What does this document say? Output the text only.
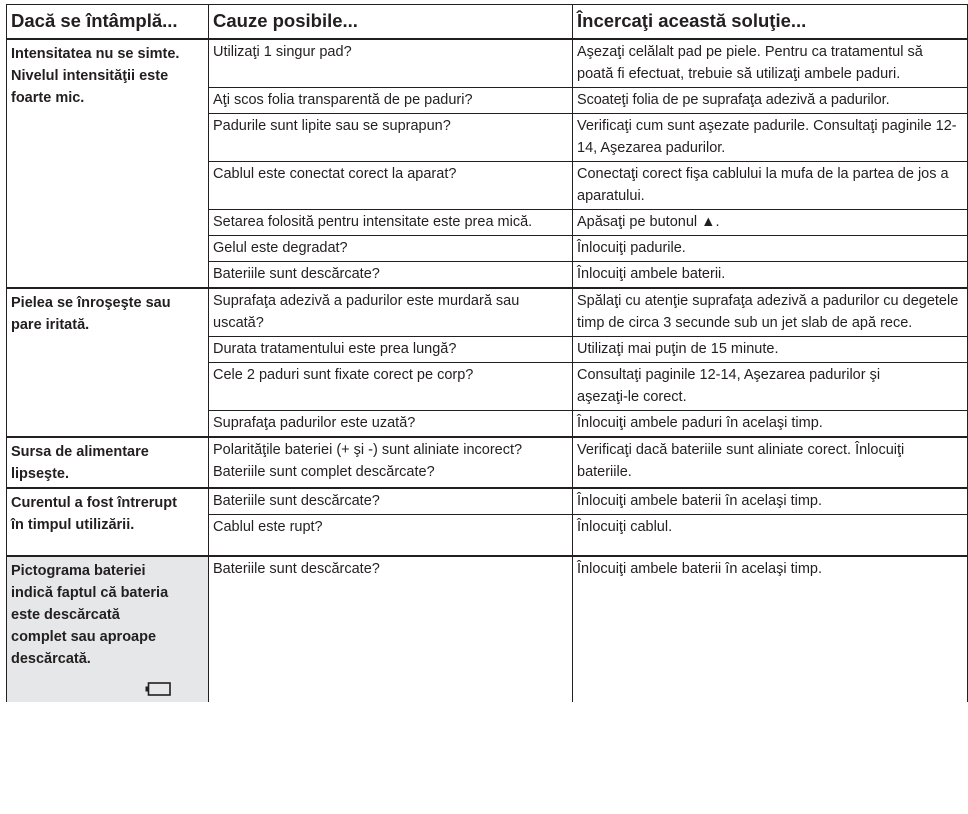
Dacă se întâmplă...	Cauze posibile...	Încercaţi această soluţie...
Intensitatea nu se simte. Nivelul intensităţii este foarte mic.	Utilizaţi 1 singur pad?	Aşezaţi celălalt pad pe piele. Pentru ca tratamentul să poată fi efectuat, trebuie să utilizaţi ambele paduri.
	Aţi scos folia transparentă de pe paduri?	Scoateţi folia de pe suprafaţa adezivă a padurilor.
	Padurile sunt lipite sau se suprapun?	Verificaţi cum sunt aşezate padurile. Consultaţi paginile 12-14, Aşezarea padurilor.
	Cablul este conectat corect la aparat?	Conectaţi corect fişa cablului la mufa de la partea de jos a aparatului.
	Setarea folosită pentru intensitate este prea mică.	Apăsaţi pe butonul ▲.
	Gelul este degradat?	Înlocuiţi padurile.
	Bateriile sunt descărcate?	Înlocuiţi ambele baterii.
Pielea se înroşeşte sau pare iritată.	Suprafaţa adezivă a padurilor este murdară sau uscată?	Spălaţi cu atenţie suprafaţa adezivă a padurilor cu degetele timp de circa 3 secunde sub un jet slab de apă rece.
	Durata tratamentului este prea lungă?	Utilizaţi mai puţin de 15 minute.
	Cele 2 paduri sunt fixate corect pe corp?	Consultaţi paginile 12-14, Aşezarea padurilor şi aşezaţi-le corect.
	Suprafaţa padurilor este uzată?	Înlocuiţi ambele paduri în acelaşi timp.
Sursa de alimentare lipseşte.	Polarităţile bateriei (+ şi -) sunt aliniate incorect? Bateriile sunt complet descărcate?	Verificaţi dacă bateriile sunt aliniate corect. Înlocuiţi bateriile.
Curentul a fost întrerupt în timpul utilizării.	Bateriile sunt descărcate?	Înlocuiţi ambele baterii în acelaşi timp.
	Cablul este rupt?	Înlocuiţi cablul.
Pictograma bateriei indică faptul că bateria este descărcată complet sau aproape descărcată.	Bateriile sunt descărcate?	Înlocuiţi ambele baterii în acelaşi timp.
